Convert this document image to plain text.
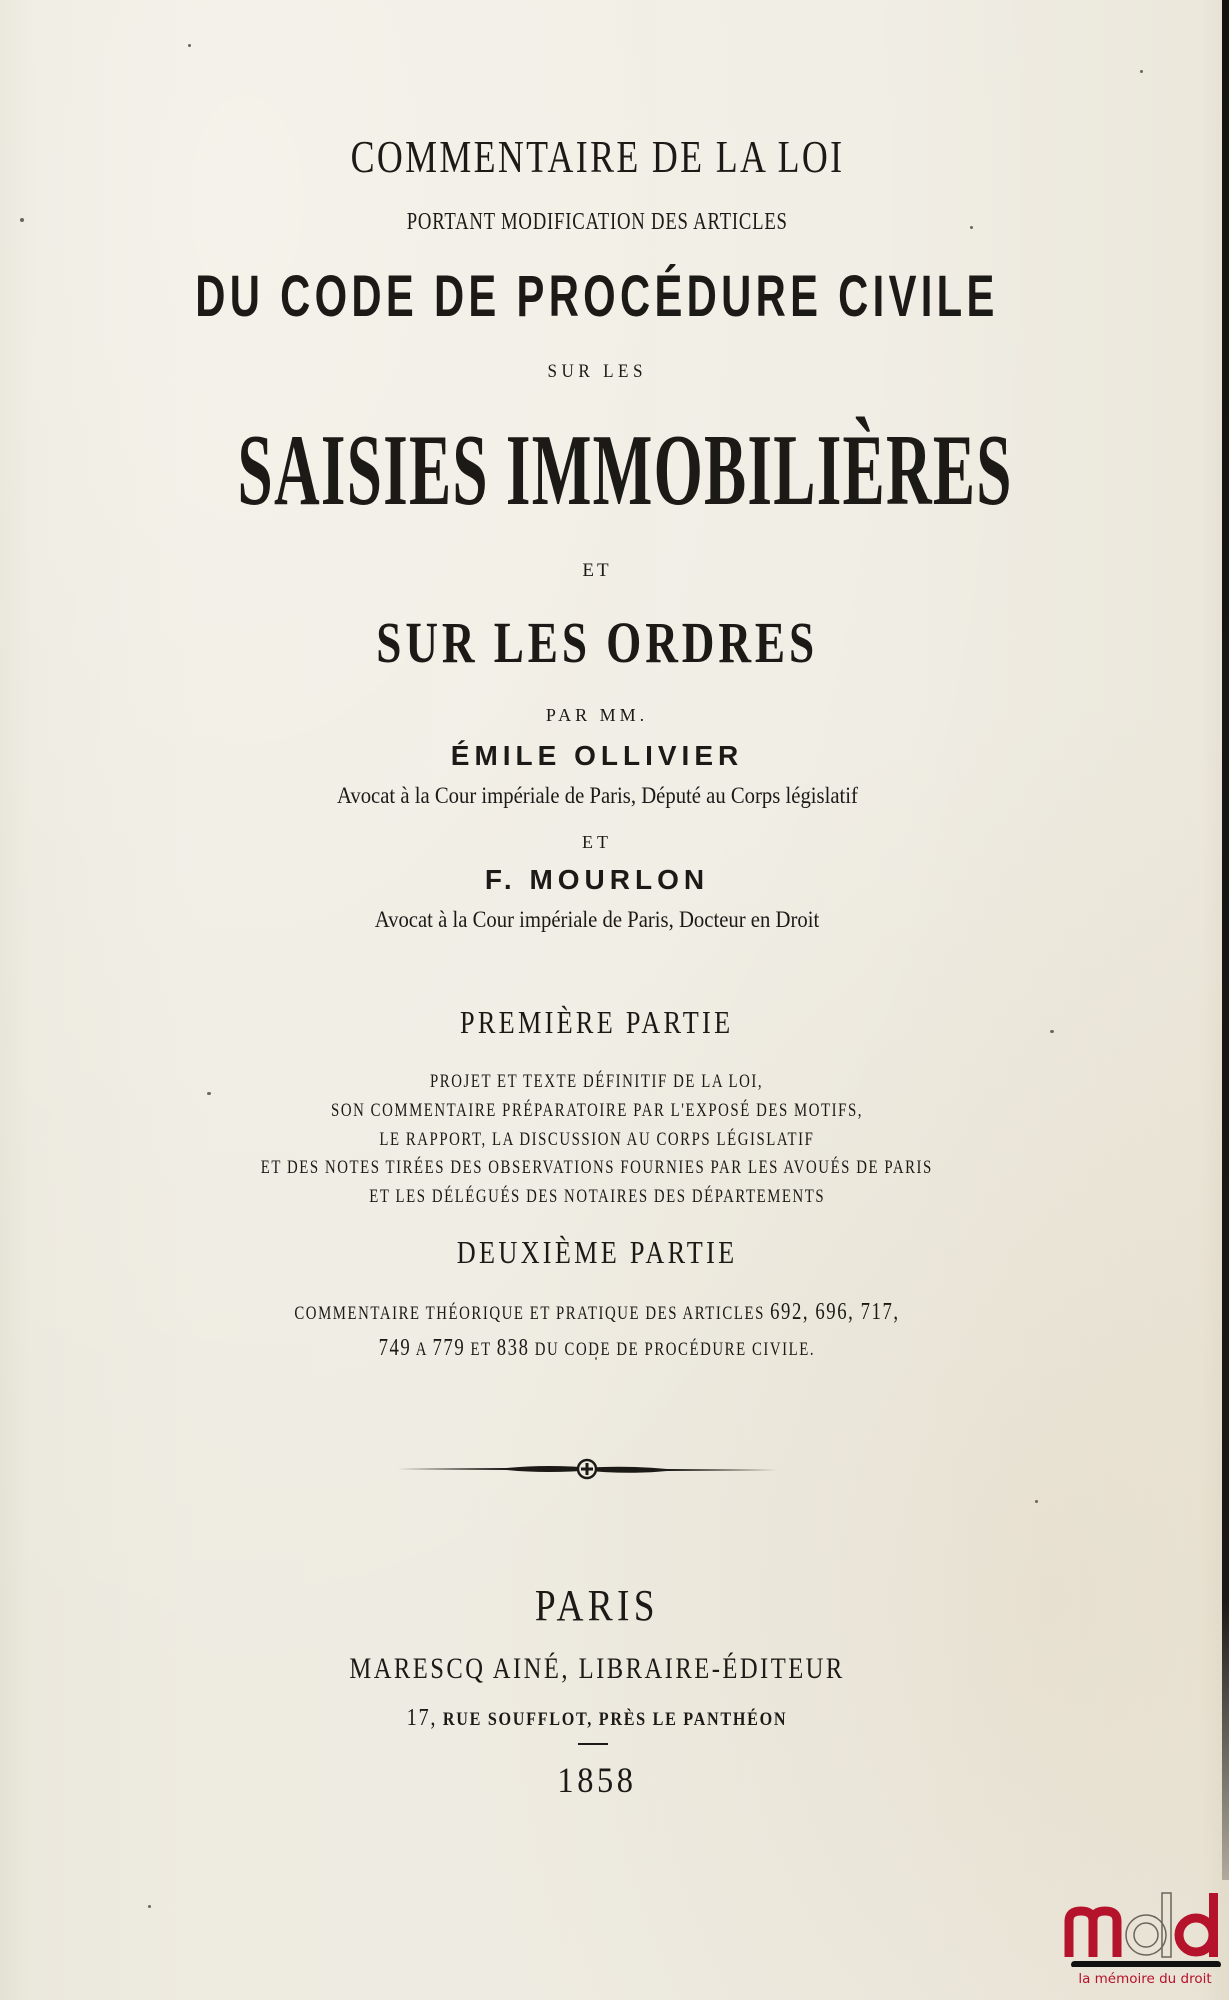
COMMENTAIRE DE LA LOI
PORTANT MODIFICATION DES ARTICLES
DU CODE DE PROCÉDURE CIVILE
SUR LES
SAISIES IMMOBILIÈRES
ET
SUR LES ORDRES
PAR MM.
ÉMILE OLLIVIER
Avocat à la Cour impériale de Paris, Député au Corps législatif
ET
F. MOURLON
Avocat à la Cour impériale de Paris, Docteur en Droit
PREMIÈRE PARTIE
PROJET ET TEXTE DÉFINITIF DE LA LOI,
SON COMMENTAIRE PRÉPARATOIRE PAR L'EXPOSÉ DES MOTIFS,
LE RAPPORT, LA DISCUSSION AU CORPS LÉGISLATIF
ET DES NOTES TIRÉES DES OBSERVATIONS FOURNIES PAR LES AVOUÉS DE PARIS
ET LES DÉLÉGUÉS DES NOTAIRES DES DÉPARTEMENTS
DEUXIÈME PARTIE
COMMENTAIRE THÉORIQUE ET PRATIQUE DES ARTICLES 692, 696, 717,
749 A 779 ET 838 DU CODE DE PROCÉDURE CIVILE.
PARIS
MARESCQ AINÉ, LIBRAIRE-ÉDITEUR
17, RUE SOUFFLOT, PRÈS LE PANTHÉON
1858
la mémoire du droit
